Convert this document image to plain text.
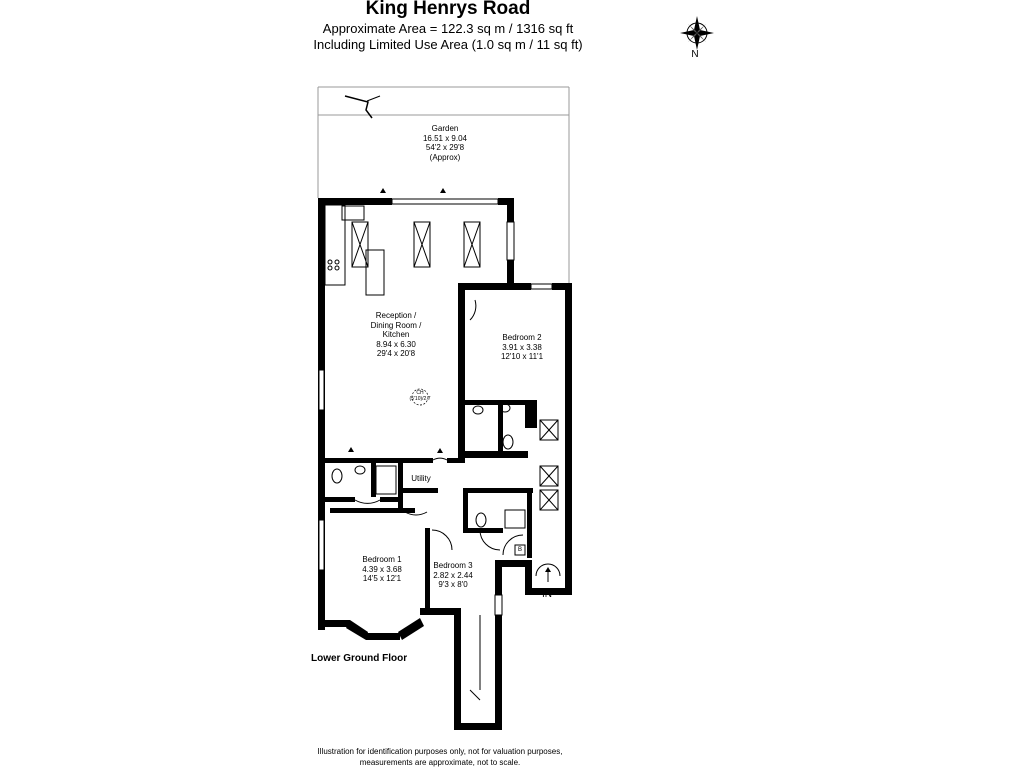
King Henrys Road
Approximate Area = 122.3 sq m / 1316 sq ft
Including Limited Use Area (1.0 sq m / 11 sq ft)
N
Garden
16.51 x 9.04
54'2 x 29'8
(Approx)
Reception /
Dining Room /
Kitchen
8.94 x 6.30
29'4 x 20'8
CH
(5'10)/2.7
Bedroom 2
3.91 x 3.38
12'10 x 11'1
Utility
Bedroom 1
4.39 x 3.68
14'5 x 12'1
Bedroom 3
2.82 x 2.44
9'3 x 8'0
B
IN
Lower Ground Floor
Illustration for identification purposes only, not for valuation purposes,
measurements are approximate, not to scale.
